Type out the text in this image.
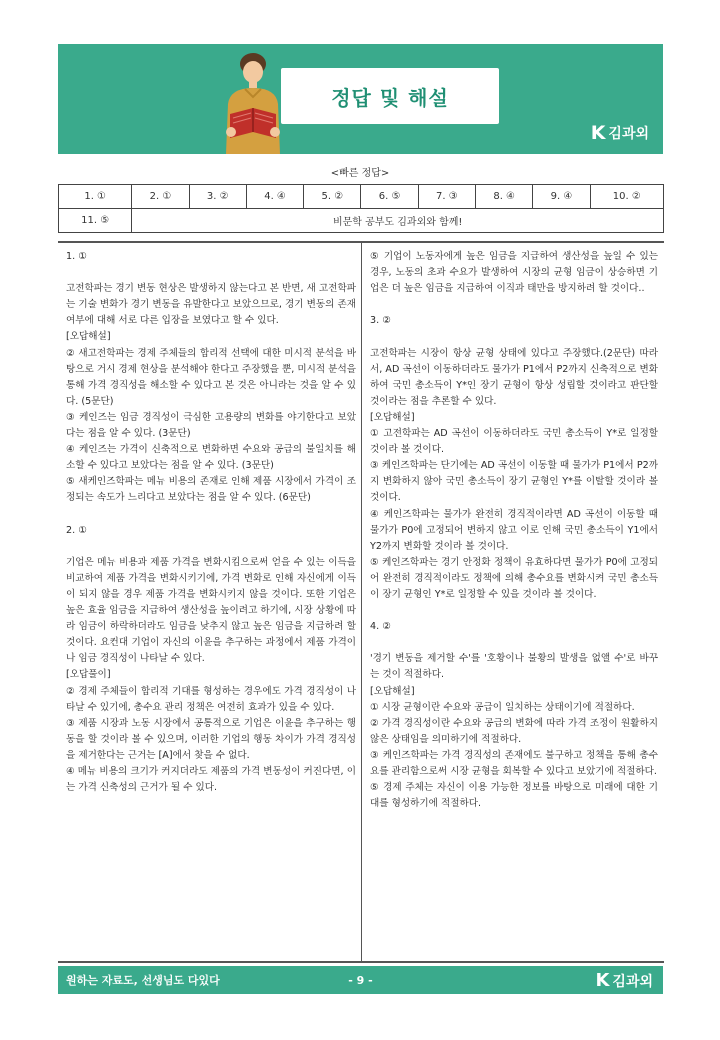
정답 및 해설
K 김과외
<빠른 정답>
1. ①	2. ①	3. ②	4. ④	5. ②	6. ⑤	7. ③	8. ④	9. ④	10. ②
11. ⑤	비문학 공부도 김과외와 함께!								

1. ①

고전학파는 경기 변동 현상은 발생하지 않는다고 본 반면, 새 고전학파는 기술 변화가 경기 변동을 유발한다고 보았으므로, 경기 변동의 존재 여부에 대해 서로 다른 입장을 보였다고 할 수 있다.

[오답해설]

② 새고전학파는 경제 주체들의 합리적 선택에 대한 미시적 분석을 바탕으로 거시 경제 현상을 분석해야 한다고 주장했을 뿐, 미시적 분석을 통해 가격 경직성을 해소할 수 있다고 본 것은 아니라는 것을 알 수 있다. (5문단)

③ 케인즈는 임금 경직성이 극심한 고용량의 변화를 야기한다고 보았다는 점을 알 수 있다. (3문단)

④ 케인즈는 가격이 신축적으로 변화하면 수요와 공급의 불일치를 해소할 수 있다고 보았다는 점을 알 수 있다. (3문단)

⑤ 새케인즈학파는 메뉴 비용의 존재로 인해 제품 시장에서 가격이 조정되는 속도가 느리다고 보았다는 점을 알 수 있다. (6문단)

2. ①

기업은 메뉴 비용과 제품 가격을 변화시킴으로써 얻을 수 있는 이득을 비교하여 제품 가격을 변화시키기에, 가격 변화로 인해 자신에게 이득이 되지 않을 경우 제품 가격을 변화시키지 않을 것이다. 또한 기업은 높은 효율 임금을 지급하여 생산성을 높이려고 하기에, 시장 상황에 따라 임금이 하락하더라도 임금을 낮추지 않고 높은 임금을 지급하려 할 것이다. 요컨대 기업이 자신의 이윤을 추구하는 과정에서 제품 가격이나 임금 경직성이 나타날 수 있다.

[오답풀이]

② 경제 주체들이 합리적 기대를 형성하는 경우에도 가격 경직성이 나타날 수 있기에, 총수요 관리 정책은 여전히 효과가 있을 수 있다.

③ 제품 시장과 노동 시장에서 공통적으로 기업은 이윤을 추구하는 행동을 할 것이라 볼 수 있으며, 이러한 기업의 행동 차이가 가격 경직성을 제거한다는 근거는 [A]에서 찾을 수 없다.

④ 메뉴 비용의 크기가 커지더라도 제품의 가격 변동성이 커진다면, 이는 가격 신축성의 근거가 될 수 있다.

⑤ 기업이 노동자에게 높은 임금을 지급하여 생산성을 높일 수 있는 경우, 노동의 초과 수요가 발생하여 시장의 균형 임금이 상승하면 기업은 더 높은 임금을 지급하여 이직과 태만을 방지하려 할 것이다..

3. ②

고전학파는 시장이 항상 균형 상태에 있다고 주장했다.(2문단) 따라서, AD 곡선이 이동하더라도 물가가 P1에서 P2까지 신축적으로 변화하여 국민 총소득이 Y*인 장기 균형이 항상 성립할 것이라고 판단할 것이라는 점을 추론할 수 있다.

[오답해설]

① 고전학파는 AD 곡선이 이동하더라도 국민 총소득이 Y*로 일정할 것이라 볼 것이다.

③ 케인즈학파는 단기에는 AD 곡선이 이동할 때 물가가 P1에서 P2까지 변화하지 않아 국민 총소득이 장기 균형인 Y*를 이탈할 것이라 볼 것이다.

④ 케인즈학파는 물가가 완전히 경직적이라면 AD 곡선이 이동할 때 물가가 P0에 고정되어 변하지 않고 이로 인해 국민 총소득이 Y1에서 Y2까지 변화할 것이라 볼 것이다.

⑤ 케인즈학파는 경기 안정화 정책이 유효하다면 물가가 P0에 고정되어 완전히 경직적이라도 정책에 의해 총수요를 변화시켜 국민 총소득이 장기 균형인 Y*로 일정할 수 있을 것이라 볼 것이다.

4. ②

'경기 변동을 제거할 수'를 '호황이나 불황의 발생을 없앨 수'로 바꾸는 것이 적절하다.

[오답해설]

① 시장 균형이란 수요와 공급이 일치하는 상태이기에 적절하다.

② 가격 경직성이란 수요와 공급의 변화에 따라 가격 조정이 원활하지 않은 상태임을 의미하기에 적절하다.

③ 케인즈학파는 가격 경직성의 존재에도 불구하고 정책을 통해 총수요를 관리함으로써 시장 균형을 회복할 수 있다고 보았기에 적절하다.

⑤ 경제 주체는 자신이 이용 가능한 정보를 바탕으로 미래에 대한 기대를 형성하기에 적절하다.

원하는 자료도, 선생님도 다있다	- 9 -	K 김과외
